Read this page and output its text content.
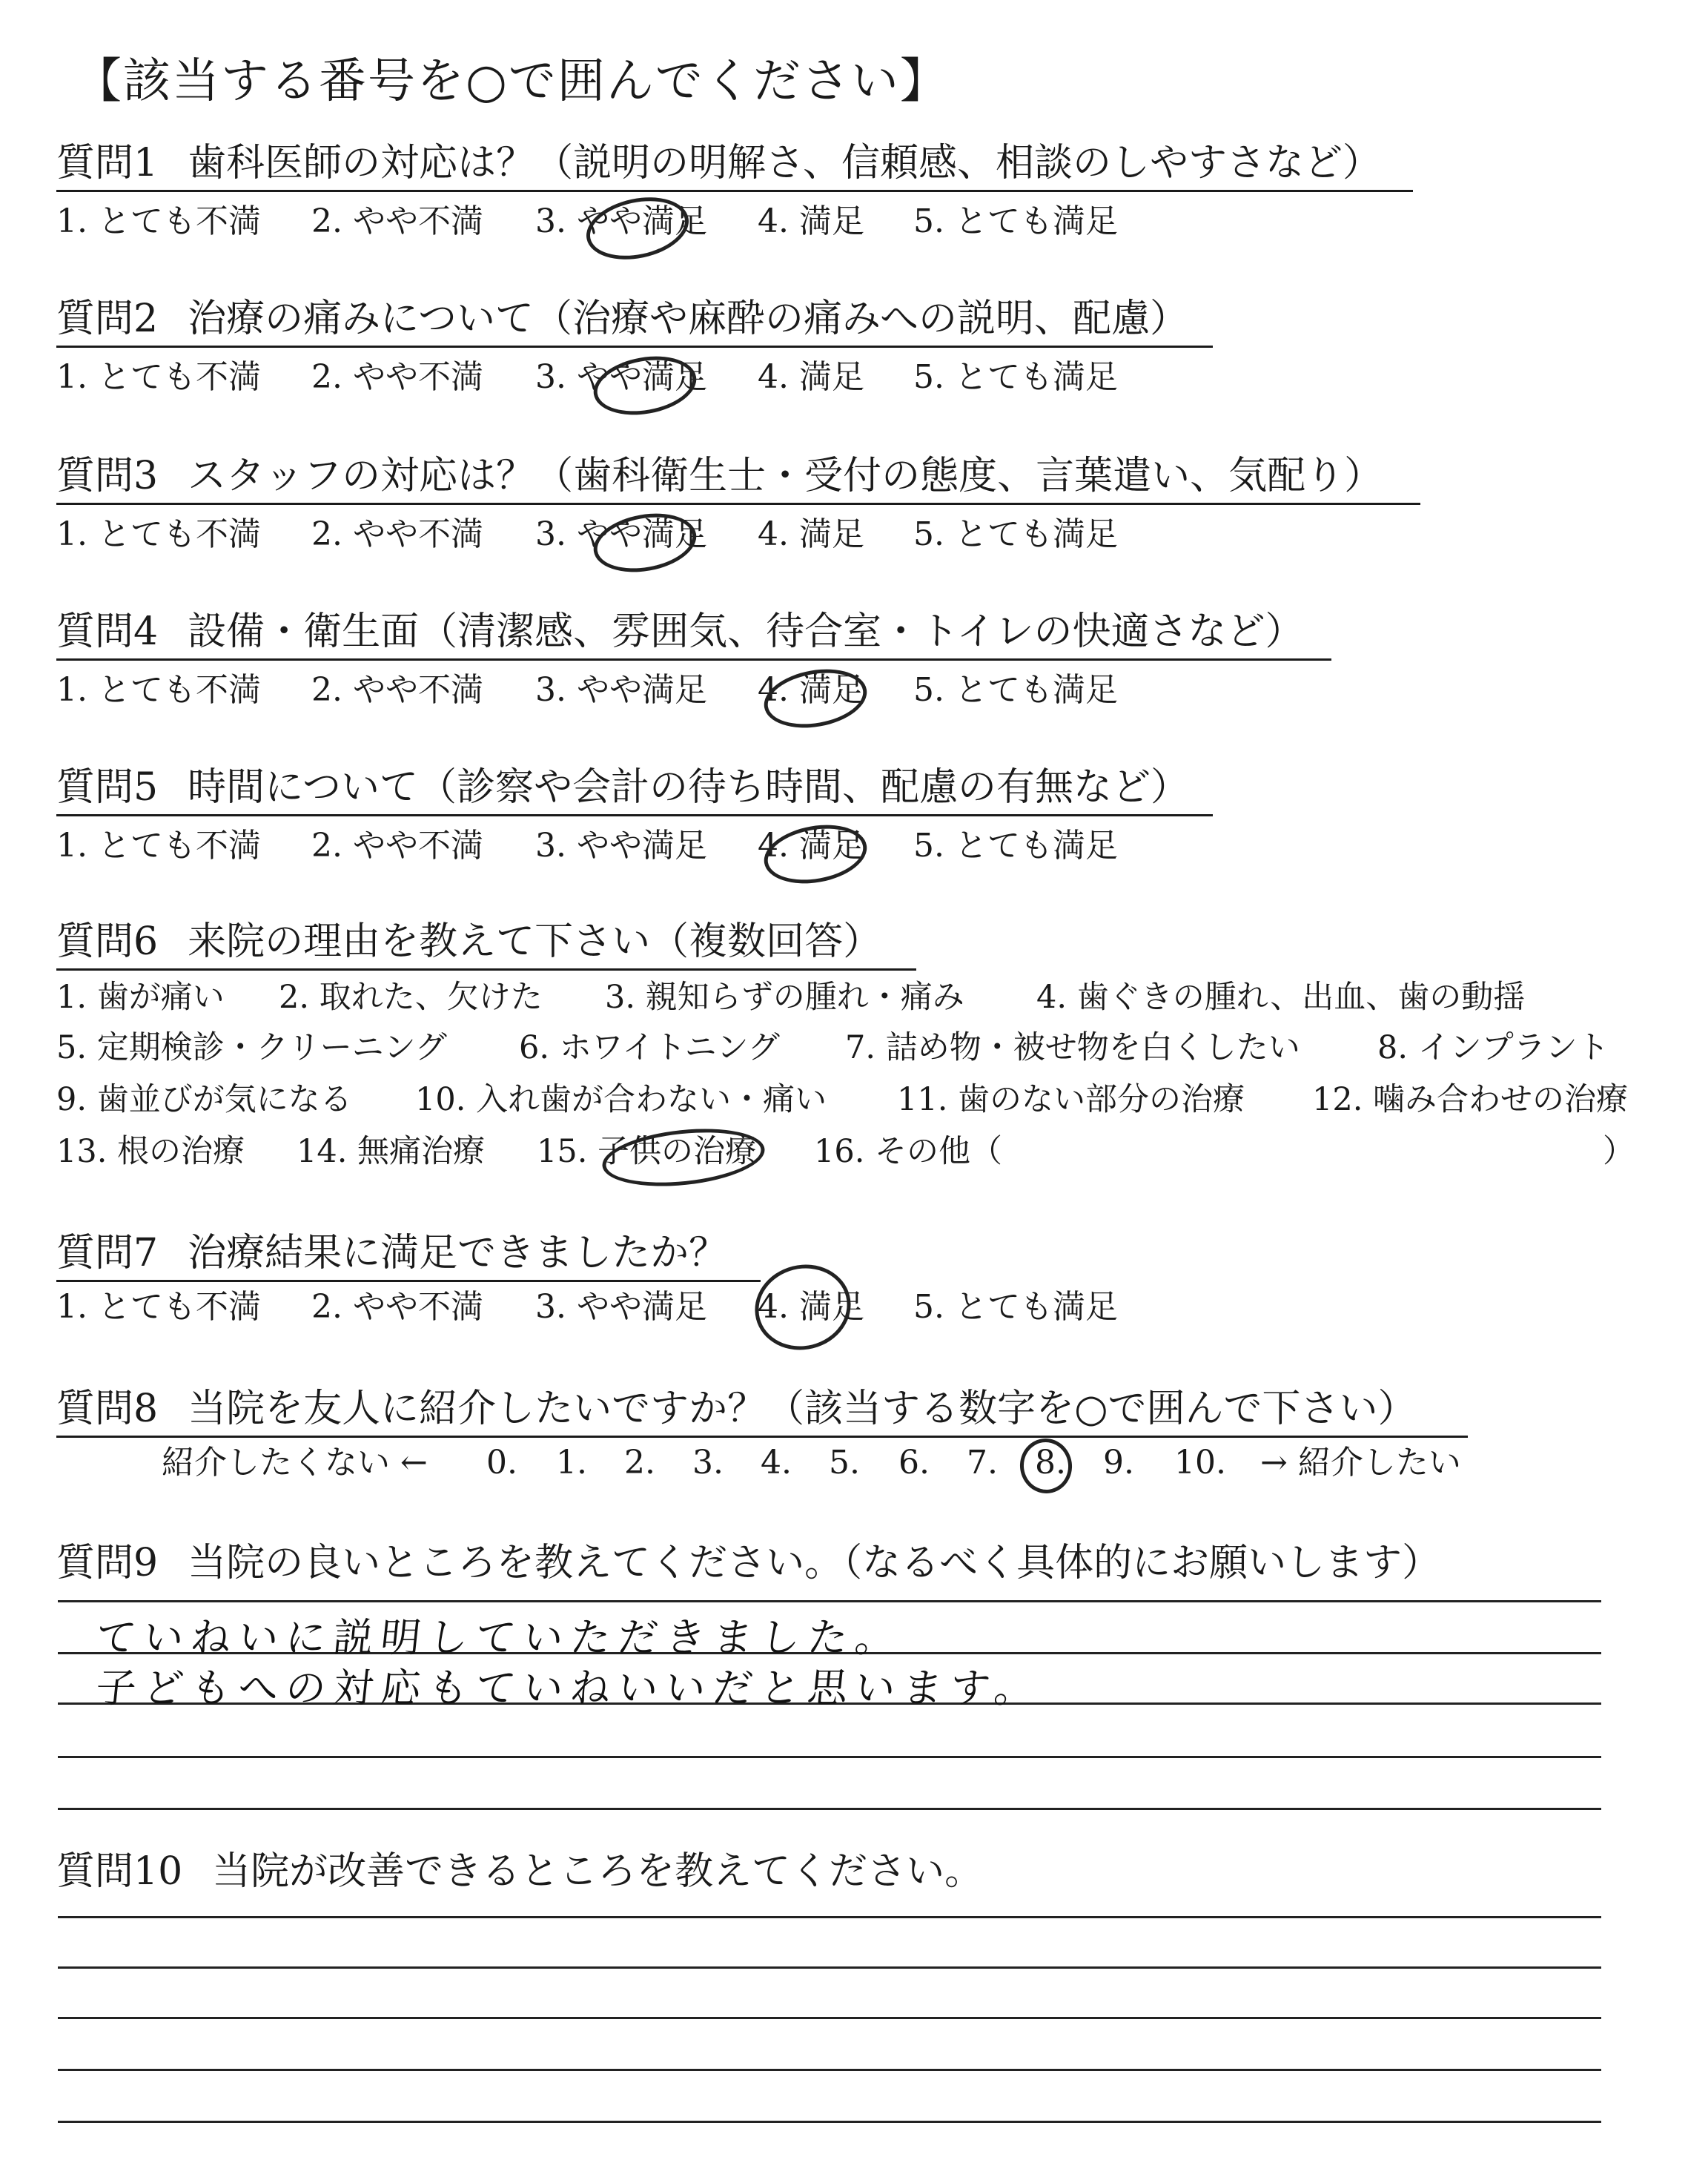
【該当する番号を○で囲んでください】
質問1 歯科医師の対応は？（説明の明解さ、信頼感、相談のしやすさなど）
1. とても不満 2. やや不満 3. やや満足 4. 満足 5. とても満足
質問2 治療の痛みについて（治療や麻酔の痛みへの説明、配慮）
1. とても不満 2. やや不満 3. やや満足 4. 満足 5. とても満足
質問3 スタッフの対応は？（歯科衛生士・受付の態度、言葉遣い、気配り）
1. とても不満 2. やや不満 3. やや満足 4. 満足 5. とても満足
質問4 設備・衛生面（清潔感、雰囲気、待合室・トイレの快適さなど）
1. とても不満 2. やや不満 3. やや満足 4. 満足 5. とても満足
質問5 時間について（診察や会計の待ち時間、配慮の有無など）
1. とても不満 2. やや不満 3. やや満足 4. 満足 5. とても満足
質問6 来院の理由を教えて下さい（複数回答）
1. 歯が痛い 2. 取れた、欠けた 3. 親知らずの腫れ・痛み 4. 歯ぐきの腫れ、出血、歯の動揺
5. 定期検診・クリーニング 6. ホワイトニング 7. 詰め物・被せ物を白くしたい 8. インプラント
9. 歯並びが気になる 10. 入れ歯が合わない・痛い 11. 歯のない部分の治療 12. 噛み合わせの治療
13. 根の治療 14. 無痛治療 15. 子供の治療 16. その他（	）
質問7 治療結果に満足できましたか？
1. とても不満 2. やや不満 3. やや満足 4. 満足 5. とても満足
質問8 当院を友人に紹介したいですか？（該当する数字を○で囲んで下さい）
紹介したくない ← 0. 1. 2. 3. 4. 5. 6. 7. 8. 9. 10. → 紹介したい
質問9 当院の良いところを教えてください。（なるべく具体的にお願いします）
ていねいに説明していただきました。
子どもへの対応もていねいいだと思います。
質問10 当院が改善できるところを教えてください。
